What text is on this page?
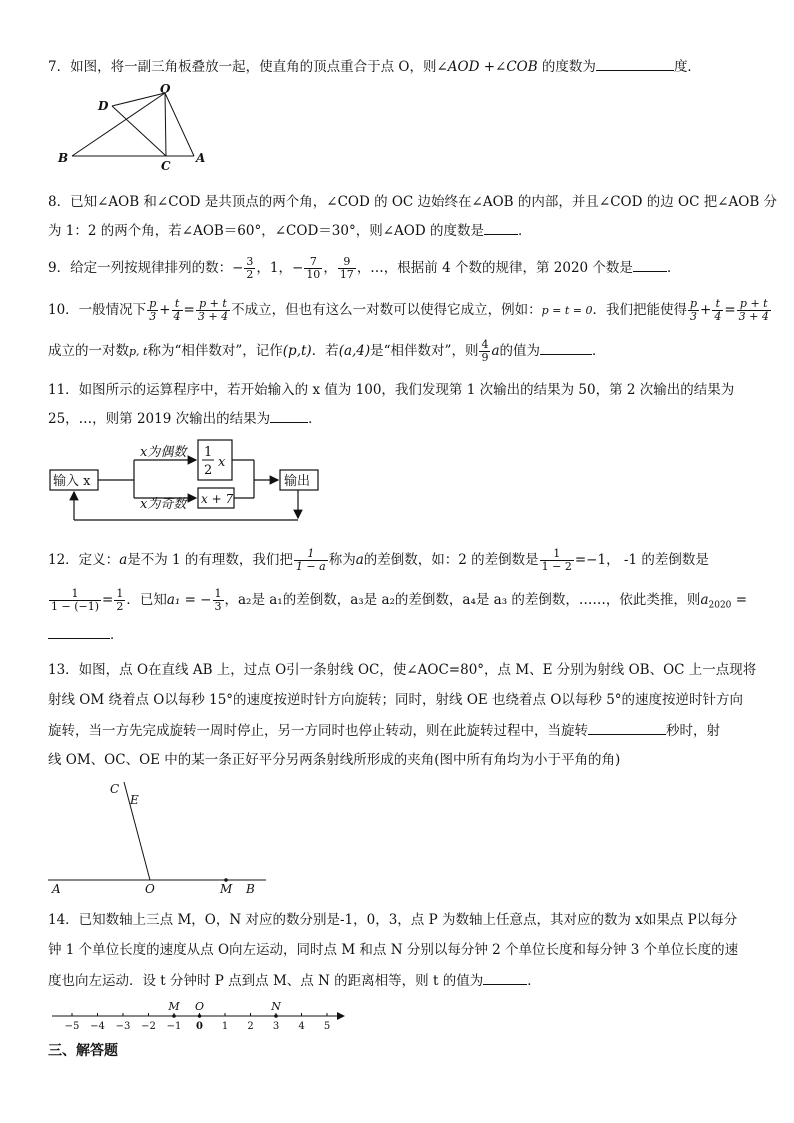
7．如图，将一副三角板叠放一起，使直角的顶点重合于点 O，则∠AOD +∠COB 的度数为	度．
D
O
B
C
A
8．已知∠AOB 和∠COD 是共顶点的两个角，∠COD 的 OC 边始终在∠AOB 的内部，并且∠COD 的边 OC 把∠AOB 分
为 1：2 的两个角，若∠AOB＝60°，∠COD＝30°，则∠AOD 的度数是	．
9．给定一列按规律排列的数：− $\frac{3}{2}$ ，1，− $\frac{7}{10}$ ， $\frac{9}{17}$ ，…，根据前 4 个数的规律，第 2020 个数是	．
10．一般情况下 $\frac{p}{3} + \frac{t}{4} = \frac{p + t}{3 + 4}$ 不成立，但也有这么一对数可以使得它成立，例如：p = t = 0．我们把能使得 $\frac{p}{3} + \frac{t}{4} = \frac{p + t}{3 + 4}$
成立的一对数p, t称为“相伴数对”，记作(p,t)．若(a,4)是“相伴数对”，则 $\frac{4}{9}$ a的值为	．
11．如图所示的运算程序中，若开始输入的 x 值为 100，我们发现第 1 次输出的结果为 50，第 2 次输出的结果为
25，…，则第 2019 次输出的结果为	．
输入 x
x为偶数
x为奇数
1
2
x
x + 7
输出
12．定义：a是不为 1 的有理数，我们把 $\frac{1}{1 - a}$ 称为a的差倒数，如：2 的差倒数是 $\frac{1}{1 - 2} =-1$， -1 的差倒数是
$\frac{1}{1 - (-1)} = \frac{1}{2}$ ．已知a₁ = − $\frac{1}{3}$ ，a₂是 a₁的差倒数，a₃是 a₂的差倒数，a₄是 a₃ 的差倒数，……，依此类推，则$a_{2020}$ =
．
13．如图，点 O在直线 AB 上，过点 O引一条射线 OC，使∠AOC=80°，点 M、E 分别为射线 OB、OC 上一点现将
射线 OM 绕着点 O以每秒 15°的速度按逆时针方向旋转；同时，射线 OE 也绕着点 O以每秒 5°的速度按逆时针方向
旋转，当一方先完成旋转一周时停止，另一方同时也停止转动，则在此旋转过程中，当旋转	秒时，射
线 OM、OC、OE 中的某一条正好平分另两条射线所形成的夹角(图中所有角均为小于平角的角)
C
E
A	O	M B
14．已知数轴上三点 M，O，N 对应的数分别是-1，0，3，点 P 为数轴上任意点，其对应的数为 x如果点 P以每分
钟 1 个单位长度的速度从点 O向左运动，同时点 M 和点 N 分别以每分钟 2 个单位长度和每分钟 3 个单位长度的速
度也向左运动．设 t 分钟时 P 点到点 M、点 N 的距离相等，则 t 的值为	．
−5 −4 −3 −2 −1 0 1 2 3 4 5
M O	N
三、解答题
